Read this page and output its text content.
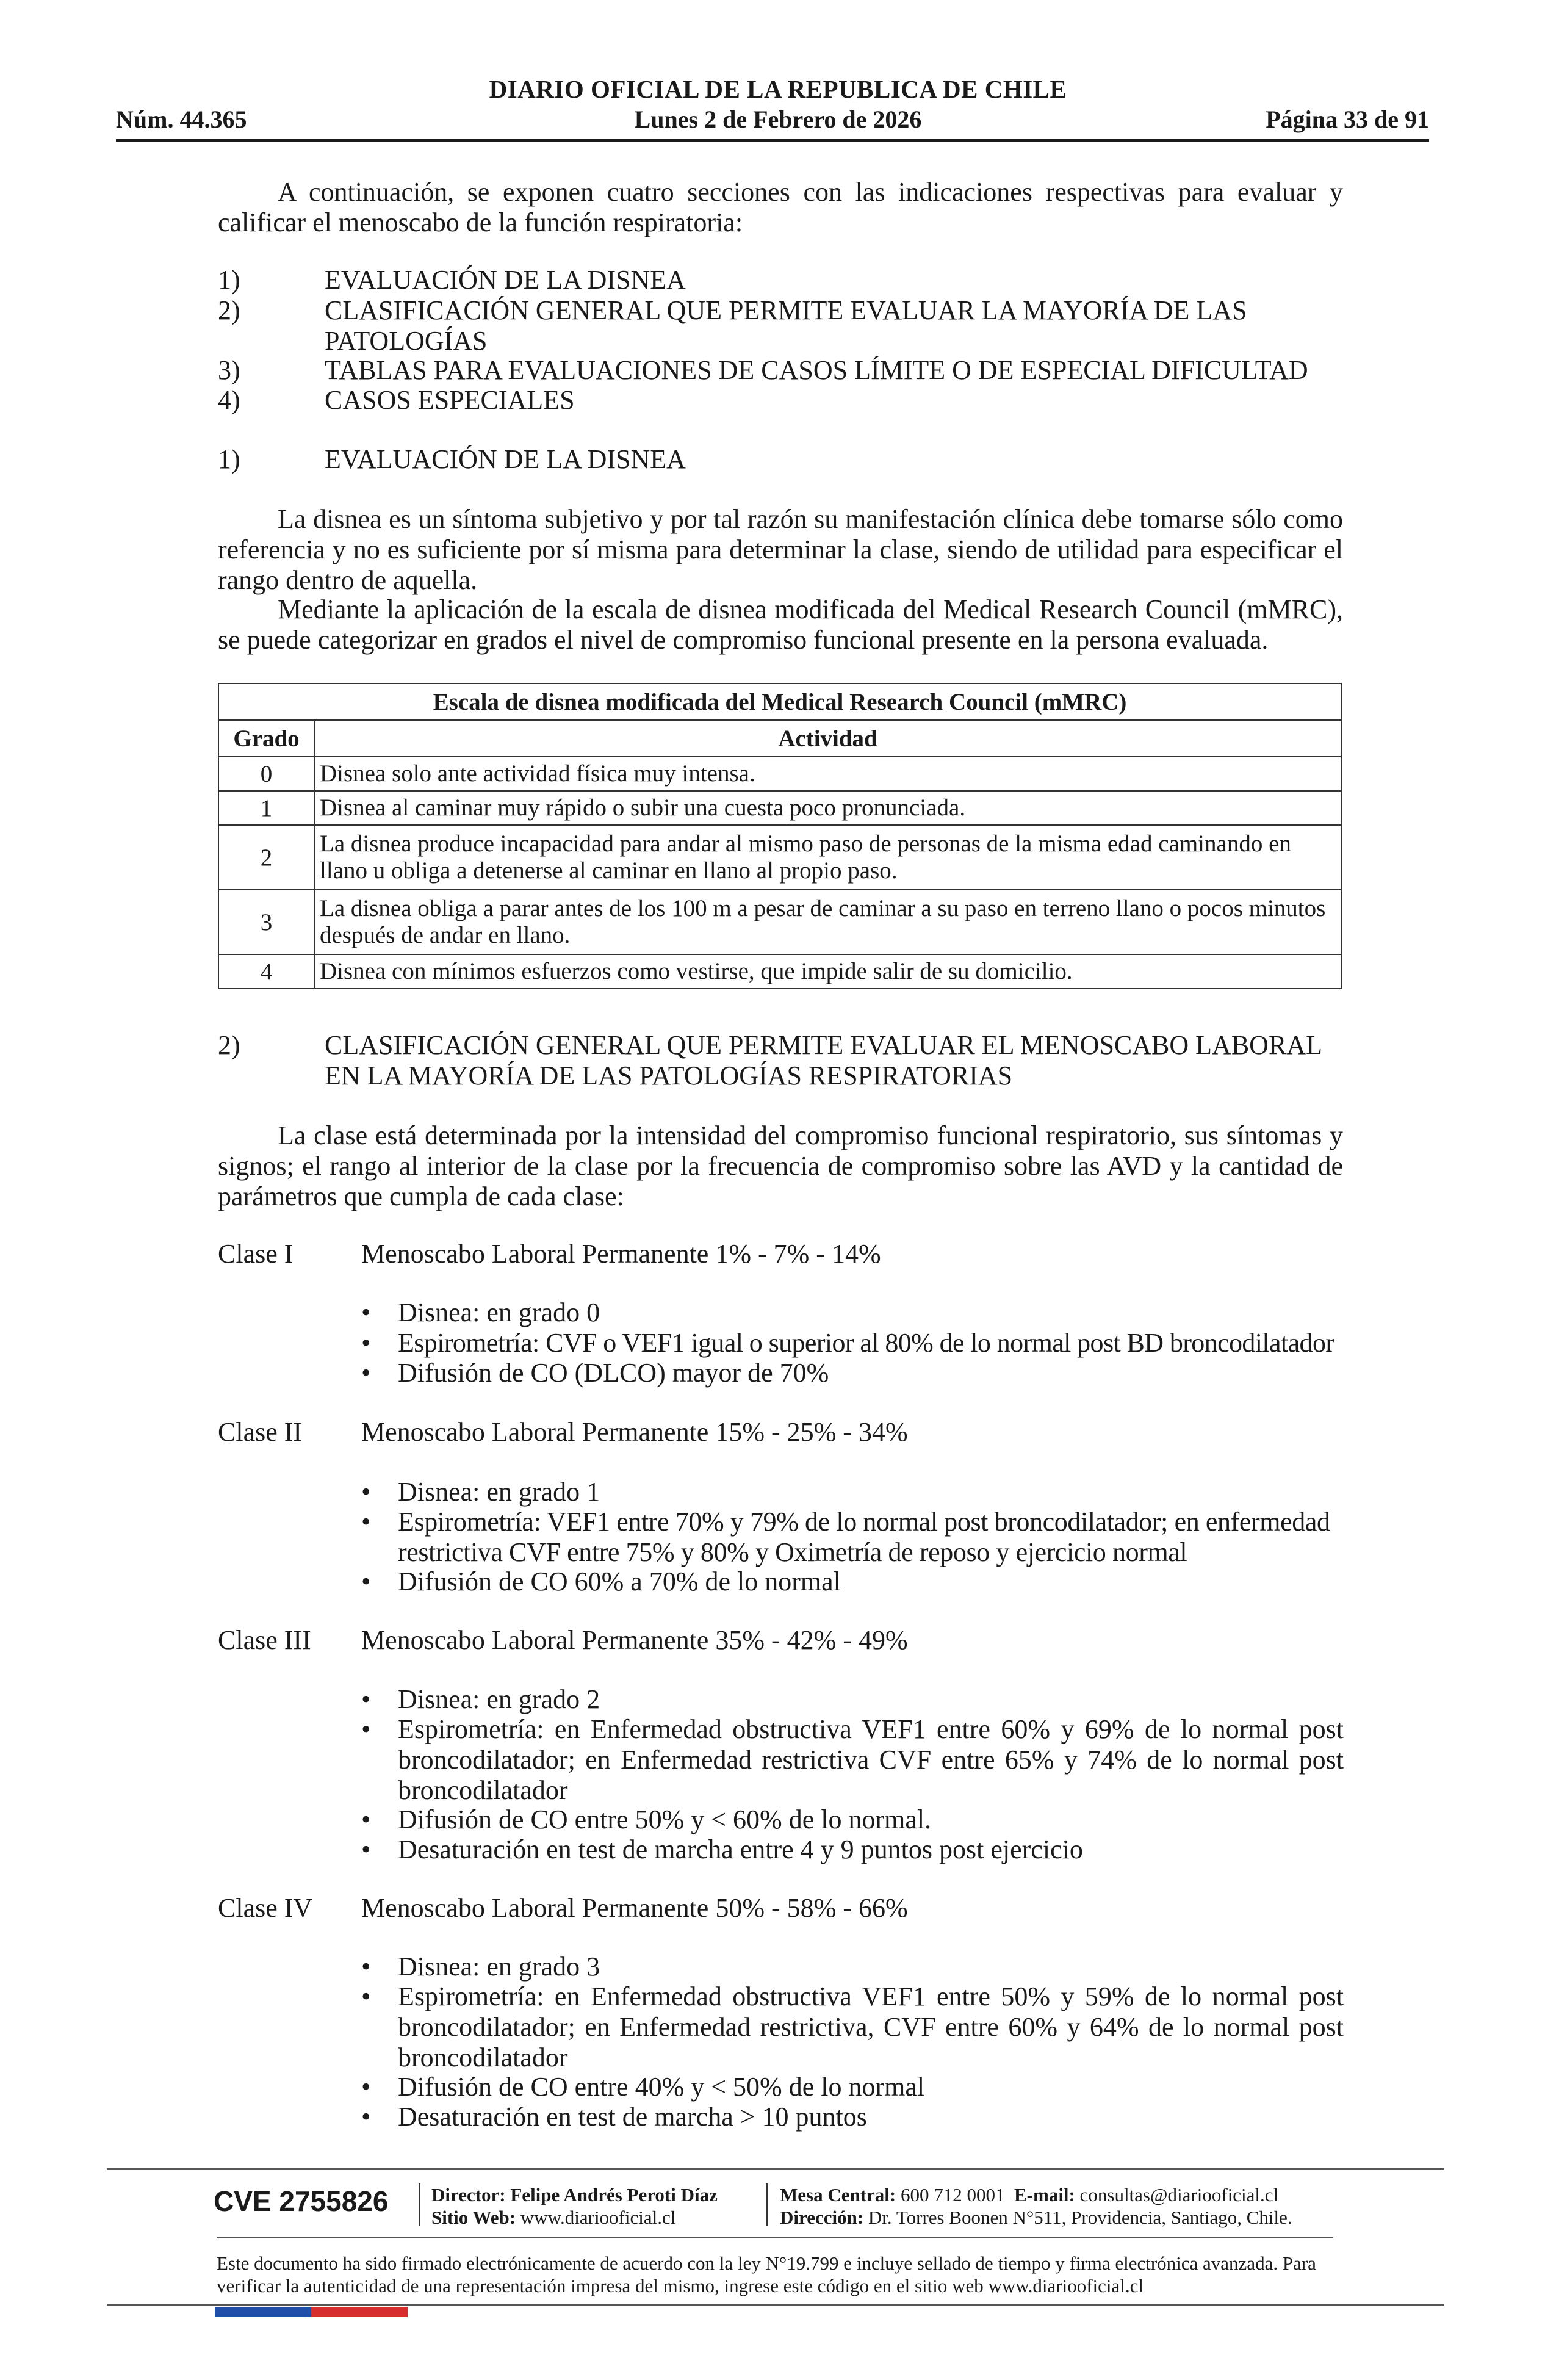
DIARIO OFICIAL DE LA REPUBLICA DE CHILE
Núm. 44.365	Lunes 2 de Febrero de 2026	Página 33 de 91
A continuación, se exponen cuatro secciones con las indicaciones respectivas para evaluar y calificar el menoscabo de la función respiratoria:
1)	EVALUACIÓN DE LA DISNEA
2)	CLASIFICACIÓN GENERAL QUE PERMITE EVALUAR LA MAYORÍA DE LAS PATOLOGÍAS
3)	TABLAS PARA EVALUACIONES DE CASOS LÍMITE O DE ESPECIAL DIFICULTAD
4)	CASOS ESPECIALES
1)	EVALUACIÓN DE LA DISNEA
La disnea es un síntoma subjetivo y por tal razón su manifestación clínica debe tomarse sólo como referencia y no es suficiente por sí misma para determinar la clase, siendo de utilidad para especificar el rango dentro de aquella.
Mediante la aplicación de la escala de disnea modificada del Medical Research Council (mMRC), se puede categorizar en grados el nivel de compromiso funcional presente en la persona evaluada.
Escala de disnea modificada del Medical Research Council (mMRC)	
Grado	Actividad
0	Disnea solo ante actividad física muy intensa.
1	Disnea al caminar muy rápido o subir una cuesta poco pronunciada.
2	La disnea produce incapacidad para andar al mismo paso de personas de la misma edad caminando en llano u obliga a detenerse al caminar en llano al propio paso.
3	La disnea obliga a parar antes de los 100 m a pesar de caminar a su paso en terreno llano o pocos minutos después de andar en llano.
4	Disnea con mínimos esfuerzos como vestirse, que impide salir de su domicilio.
2)	CLASIFICACIÓN GENERAL QUE PERMITE EVALUAR EL MENOSCABO LABORAL
EN LA MAYORÍA DE LAS PATOLOGÍAS RESPIRATORIAS
La clase está determinada por la intensidad del compromiso funcional respiratorio, sus síntomas y signos; el rango al interior de la clase por la frecuencia de compromiso sobre las AVD y la cantidad de parámetros que cumpla de cada clase:
Clase I	Menoscabo Laboral Permanente 1% - 7% - 14%
• Disnea: en grado 0
• Espirometría: CVF o VEF1 igual o superior al 80% de lo normal post BD broncodilatador
• Difusión de CO (DLCO) mayor de 70%
Clase II Menoscabo Laboral Permanente 15% - 25% - 34%
• Disnea: en grado 1
• Espirometría: VEF1 entre 70% y 79% de lo normal post broncodilatador; en enfermedad restrictiva CVF entre 75% y 80% y Oximetría de reposo y ejercicio normal
• Difusión de CO 60% a 70% de lo normal
Clase III Menoscabo Laboral Permanente 35% - 42% - 49%
• Disnea: en grado 2
• Espirometría: en Enfermedad obstructiva VEF1 entre 60% y 69% de lo normal post broncodilatador; en Enfermedad restrictiva CVF entre 65% y 74% de lo normal post broncodilatador
• Difusión de CO entre 50% y < 60% de lo normal.
• Desaturación en test de marcha entre 4 y 9 puntos post ejercicio
Clase IV Menoscabo Laboral Permanente 50% - 58% - 66%
• Disnea: en grado 3
• Espirometría: en Enfermedad obstructiva VEF1 entre 50% y 59% de lo normal post broncodilatador; en Enfermedad restrictiva, CVF entre 60% y 64% de lo normal post broncodilatador
• Difusión de CO entre 40% y < 50% de lo normal
• Desaturación en test de marcha > 10 puntos
CVE 2755826 Director: Felipe Andrés Peroti Díaz
Sitio Web: www.diariooficial.cl
Mesa Central: 600 712 0001 E-mail: consultas@diariooficial.cl
Dirección: Dr. Torres Boonen N°511, Providencia, Santiago, Chile.
Este documento ha sido firmado electrónicamente de acuerdo con la ley N°19.799 e incluye sellado de tiempo y firma electrónica avanzada. Para verificar la autenticidad de una representación impresa del mismo, ingrese este código en el sitio web www.diariooficial.cl
